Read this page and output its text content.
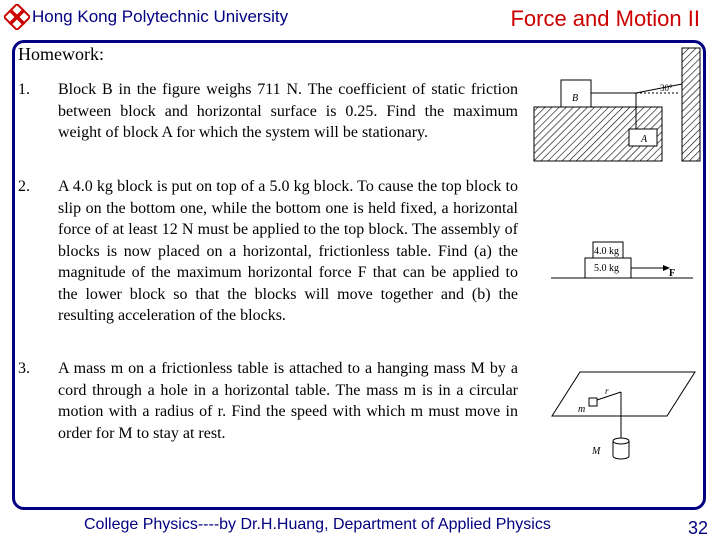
Hong Kong Polytechnic University	Force and Motion II
Homework:
1.	Block B in the figure weighs 711 N. The coefficient of static friction between block and horizontal surface is 0.25. Find the maximum weight of block A for which the system will be stationary.
2.	A 4.0 kg block is put on top of a 5.0 kg block. To cause the top block to slip on the bottom one, while the bottom one is held fixed, a horizontal force of at least 12 N must be applied to the top block. The assembly of blocks is now placed on a horizontal, frictionless table. Find (a) the magnitude of the maximum horizontal force F that can be applied to the lower block so that the blocks will move together and (b) the resulting acceleration of the blocks.
3.	A mass m on a frictionless table is attached to a hanging mass M by a cord through a hole in a horizontal table. The mass m is in a circular motion with a radius of r. Find the speed with which m must move in order for M to stay at rest.
B
30°
A
4.0 kg
5.0 kg	F
m
r
M
College Physics----by Dr.H.Huang, Department of Applied Physics	32
